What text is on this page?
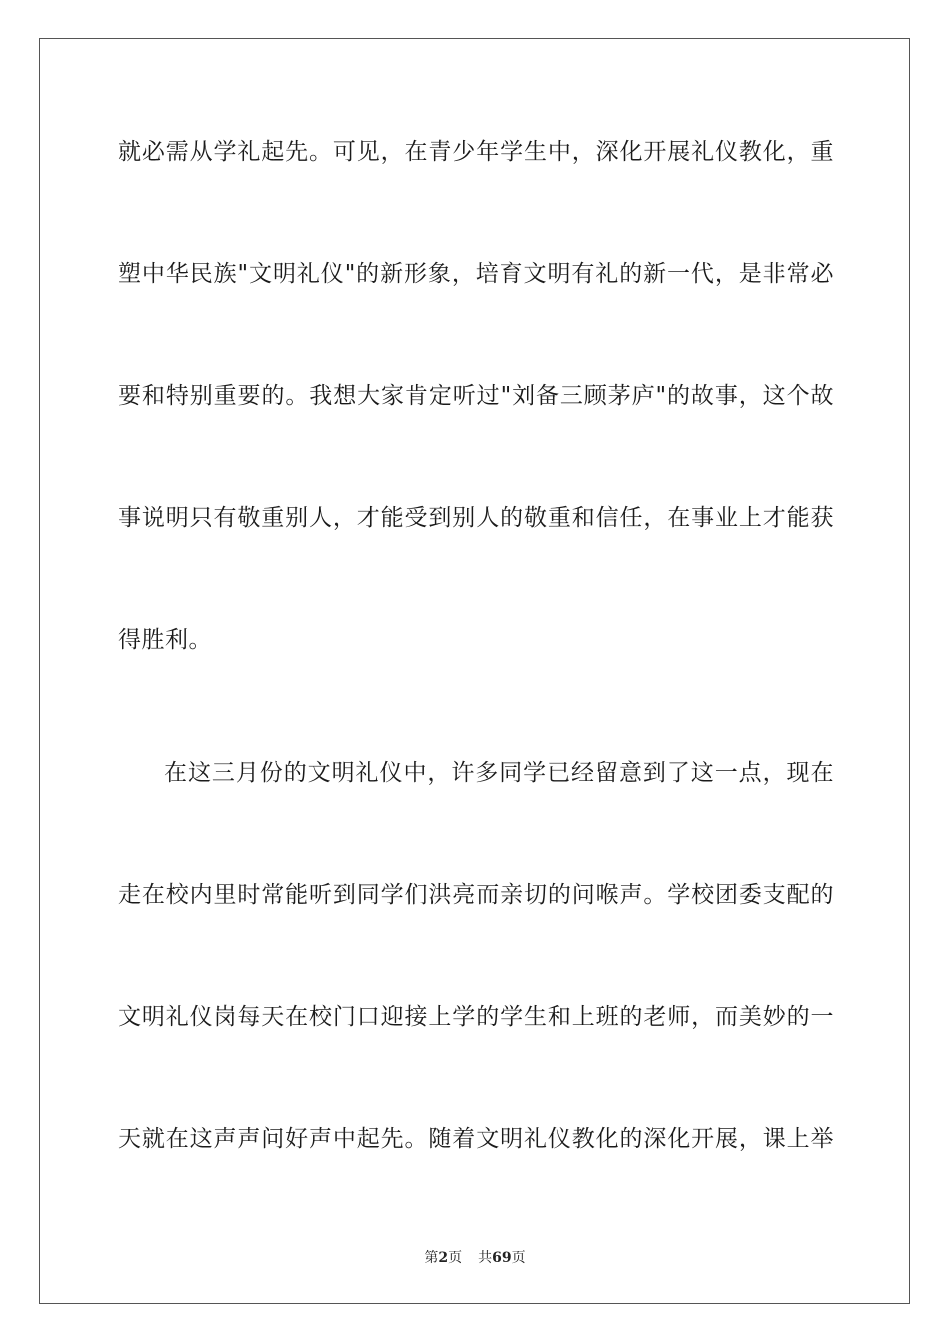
就必需从学礼起先。可见，在青少年学生中，深化开展礼仪教化，重
塑中华民族"文明礼仪"的新形象，培育文明有礼的新一代，是非常必
要和特别重要的。我想大家肯定听过"刘备三顾茅庐"的故事，这个故
事说明只有敬重别人，才能受到别人的敬重和信任，在事业上才能获
得胜利。
在这三月份的文明礼仪中，许多同学已经留意到了这一点，现在
走在校内里时常能听到同学们洪亮而亲切的问喉声。学校团委支配的
文明礼仪岗每天在校门口迎接上学的学生和上班的老师，而美妙的一
天就在这声声问好声中起先。随着文明礼仪教化的深化开展，课上举
第2页 共69页
